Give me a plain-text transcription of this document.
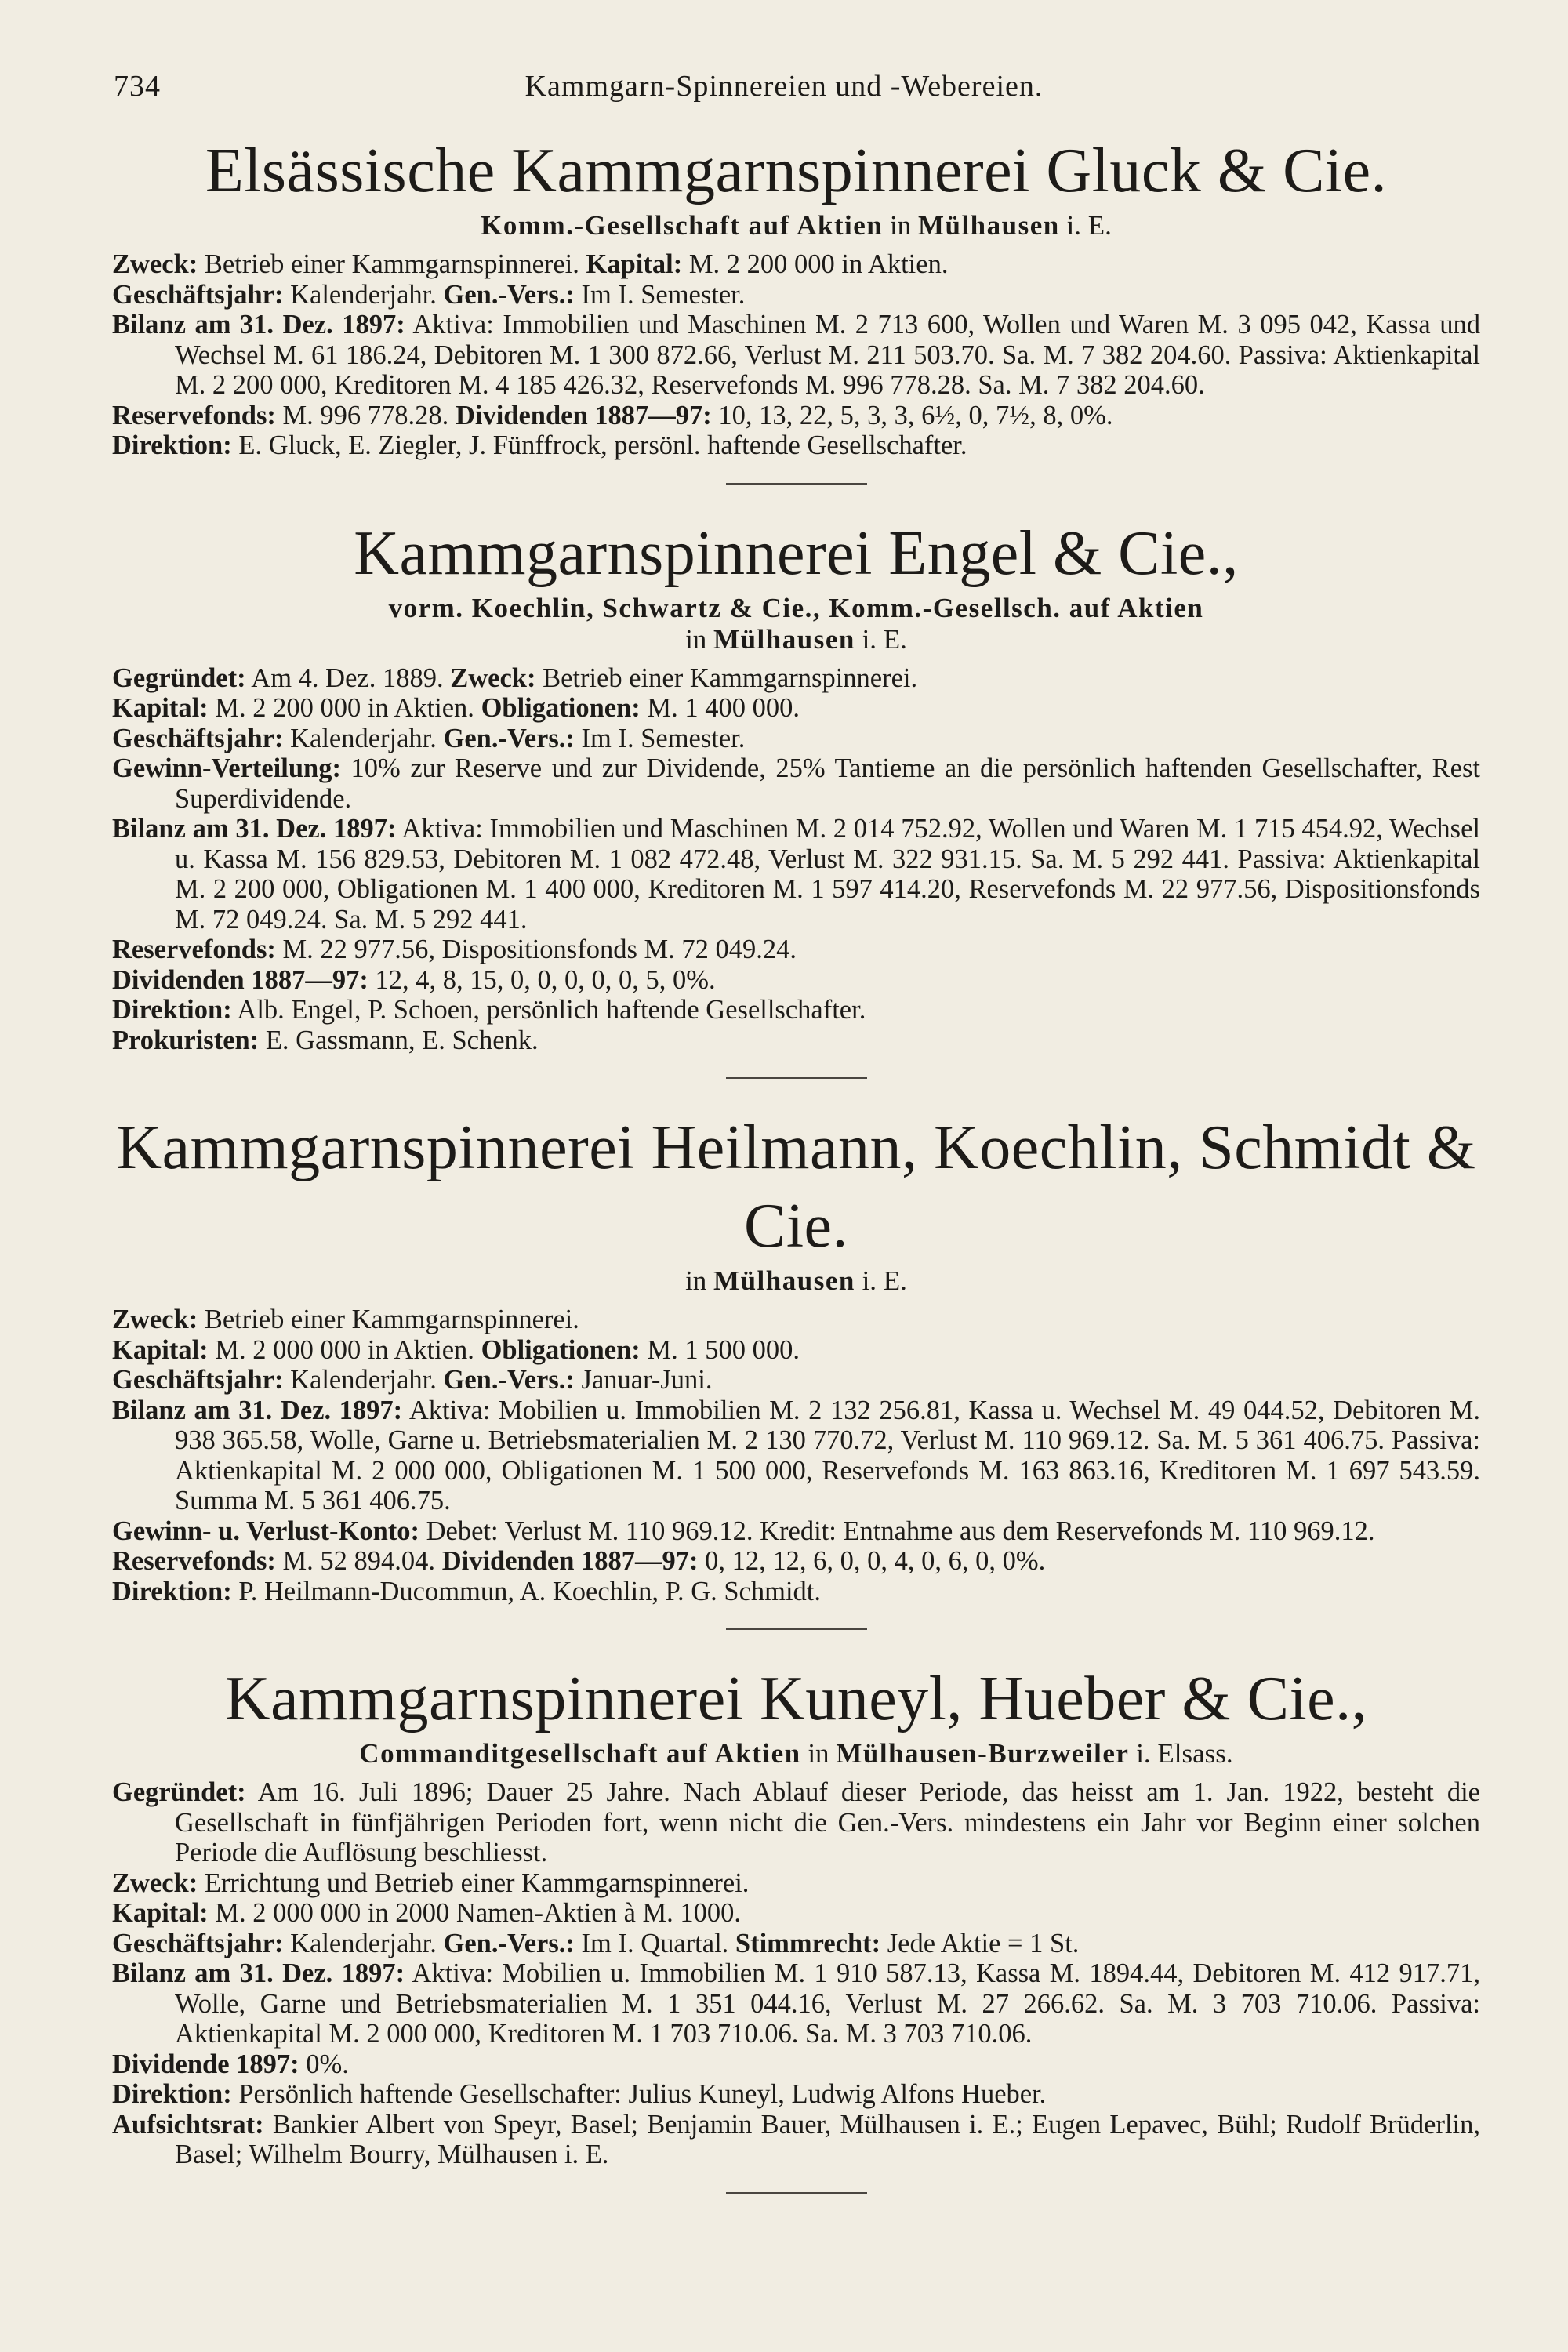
734	Kammgarn-Spinnereien und -Webereien.
Elsässische Kammgarnspinnerei Gluck & Cie.

Komm.-Gesellschaft auf Aktien in Mülhausen i. E.

Zweck: Betrieb einer Kammgarnspinnerei. Kapital: M. 2 200 000 in Aktien.

Geschäftsjahr: Kalenderjahr. Gen.-Vers.: Im I. Semester.

Bilanz am 31. Dez. 1897: Aktiva: Immobilien und Maschinen M. 2 713 600, Wollen und Waren M. 3 095 042, Kassa und Wechsel M. 61 186.24, Debitoren M. 1 300 872.66, Verlust M. 211 503.70. Sa. M. 7 382 204.60. Passiva: Aktienkapital M. 2 200 000, Kreditoren M. 4 185 426.32, Reservefonds M. 996 778.28. Sa. M. 7 382 204.60.

Reservefonds: M. 996 778.28. Dividenden 1887—97: 10, 13, 22, 5, 3, 3, 6½, 0, 7½, 8, 0%.

Direktion: E. Gluck, E. Ziegler, J. Fünffrock, persönl. haftende Gesellschafter.

Kammgarnspinnerei Engel & Cie.,

vorm. Koechlin, Schwartz & Cie., Komm.-Gesellsch. auf Aktien

in Mülhausen i. E.

Gegründet: Am 4. Dez. 1889. Zweck: Betrieb einer Kammgarnspinnerei.

Kapital: M. 2 200 000 in Aktien. Obligationen: M. 1 400 000.

Geschäftsjahr: Kalenderjahr. Gen.-Vers.: Im I. Semester.

Gewinn-Verteilung: 10% zur Reserve und zur Dividende, 25% Tantieme an die persönlich haftenden Gesellschafter, Rest Superdividende.

Bilanz am 31. Dez. 1897: Aktiva: Immobilien und Maschinen M. 2 014 752.92, Wollen und Waren M. 1 715 454.92, Wechsel u. Kassa M. 156 829.53, Debitoren M. 1 082 472.48, Verlust M. 322 931.15. Sa. M. 5 292 441. Passiva: Aktienkapital M. 2 200 000, Obligationen M. 1 400 000, Kreditoren M. 1 597 414.20, Reservefonds M. 22 977.56, Dispositionsfonds M. 72 049.24. Sa. M. 5 292 441.

Reservefonds: M. 22 977.56, Dispositionsfonds M. 72 049.24.

Dividenden 1887—97: 12, 4, 8, 15, 0, 0, 0, 0, 0, 5, 0%.

Direktion: Alb. Engel, P. Schoen, persönlich haftende Gesellschafter.

Prokuristen: E. Gassmann, E. Schenk.

Kammgarnspinnerei Heilmann, Koechlin, Schmidt & Cie.

in Mülhausen i. E.

Zweck: Betrieb einer Kammgarnspinnerei.

Kapital: M. 2 000 000 in Aktien. Obligationen: M. 1 500 000.

Geschäftsjahr: Kalenderjahr. Gen.-Vers.: Januar-Juni.

Bilanz am 31. Dez. 1897: Aktiva: Mobilien u. Immobilien M. 2 132 256.81, Kassa u. Wechsel M. 49 044.52, Debitoren M. 938 365.58, Wolle, Garne u. Betriebsmaterialien M. 2 130 770.72, Verlust M. 110 969.12. Sa. M. 5 361 406.75. Passiva: Aktienkapital M. 2 000 000, Obligationen M. 1 500 000, Reservefonds M. 163 863.16, Kreditoren M. 1 697 543.59. Summa M. 5 361 406.75.

Gewinn- u. Verlust-Konto: Debet: Verlust M. 110 969.12. Kredit: Entnahme aus dem Reservefonds M. 110 969.12.

Reservefonds: M. 52 894.04. Dividenden 1887—97: 0, 12, 12, 6, 0, 0, 4, 0, 6, 0, 0%.

Direktion: P. Heilmann-Ducommun, A. Koechlin, P. G. Schmidt.

Kammgarnspinnerei Kuneyl, Hueber & Cie.,

Commanditgesellschaft auf Aktien in Mülhausen-Burzweiler i. Elsass.

Gegründet: Am 16. Juli 1896; Dauer 25 Jahre. Nach Ablauf dieser Periode, das heisst am 1. Jan. 1922, besteht die Gesellschaft in fünfjährigen Perioden fort, wenn nicht die Gen.-Vers. mindestens ein Jahr vor Beginn einer solchen Periode die Auflösung beschliesst.

Zweck: Errichtung und Betrieb einer Kammgarnspinnerei.

Kapital: M. 2 000 000 in 2000 Namen-Aktien à M. 1000.

Geschäftsjahr: Kalenderjahr. Gen.-Vers.: Im I. Quartal. Stimmrecht: Jede Aktie = 1 St.

Bilanz am 31. Dez. 1897: Aktiva: Mobilien u. Immobilien M. 1 910 587.13, Kassa M. 1894.44, Debitoren M. 412 917.71, Wolle, Garne und Betriebsmaterialien M. 1 351 044.16, Verlust M. 27 266.62. Sa. M. 3 703 710.06. Passiva: Aktienkapital M. 2 000 000, Kreditoren M. 1 703 710.06. Sa. M. 3 703 710.06.

Dividende 1897: 0%.

Direktion: Persönlich haftende Gesellschafter: Julius Kuneyl, Ludwig Alfons Hueber.

Aufsichtsrat: Bankier Albert von Speyr, Basel; Benjamin Bauer, Mülhausen i. E.; Eugen Lepavec, Bühl; Rudolf Brüderlin, Basel; Wilhelm Bourry, Mülhausen i. E.
